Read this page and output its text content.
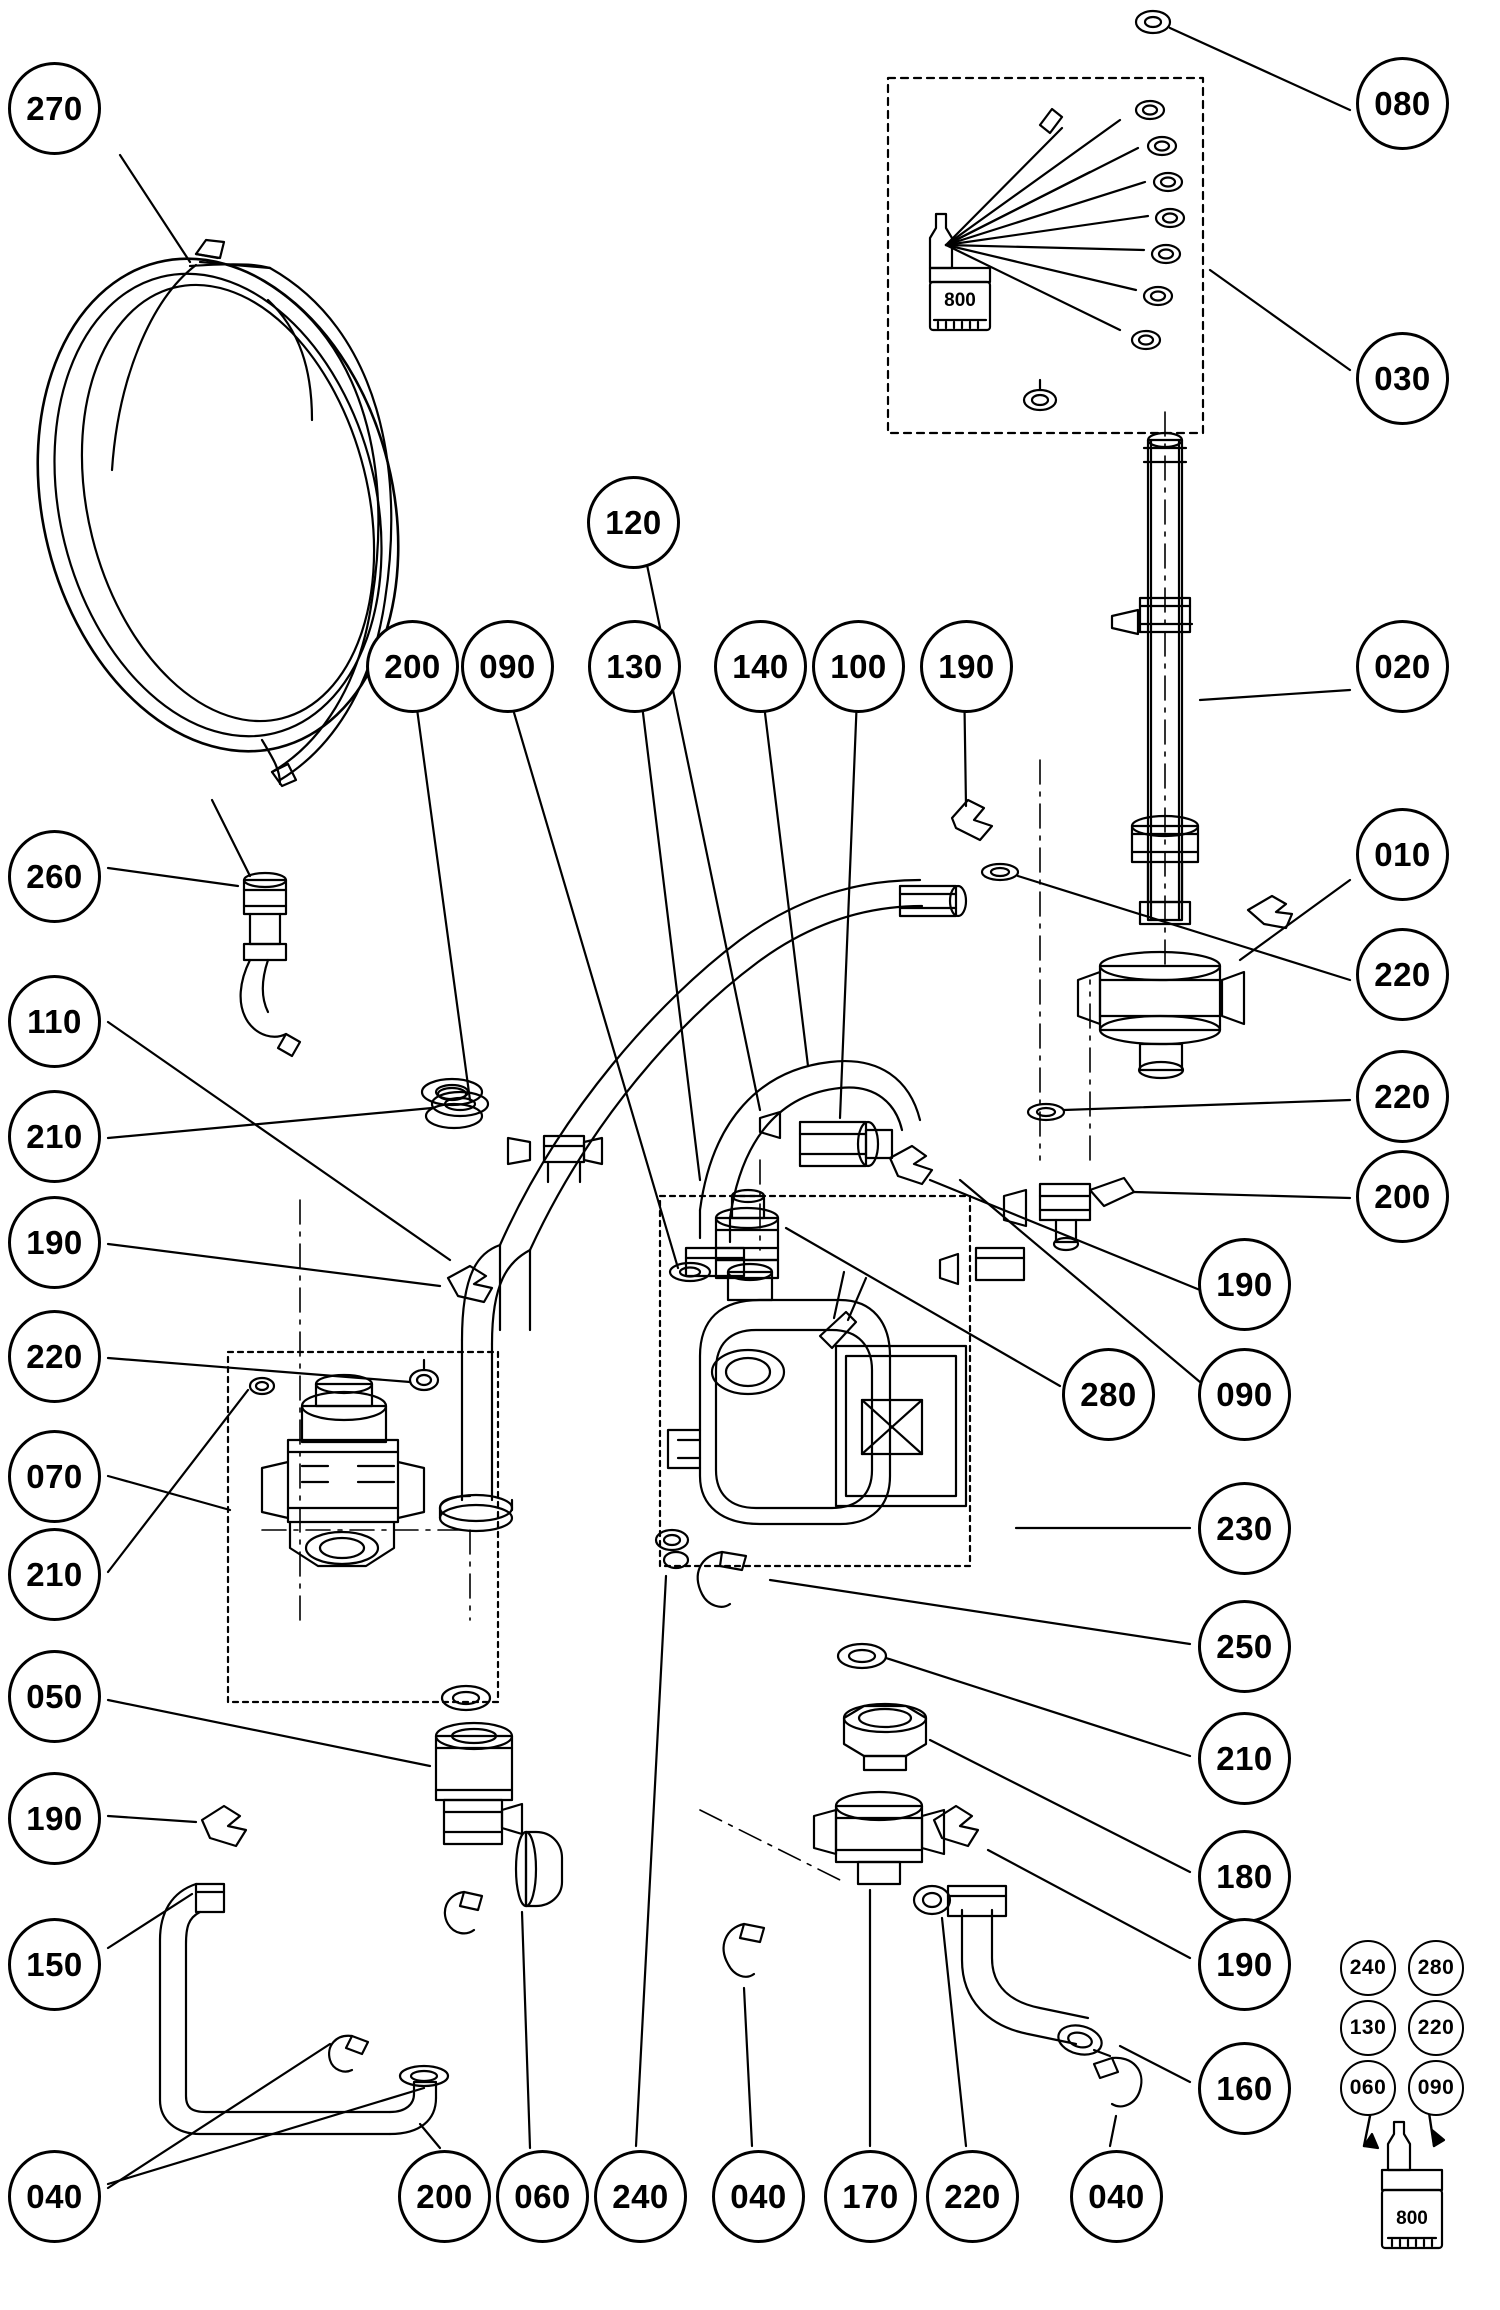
270	080
030
120
200	090	130	140	100	190	020
260
010
220
110
220
210
200
190
190
220
280	090
070
230
210
250
050
210
190
180
150	190
160
040	200	060	240	040	170	220	040
240	280
130	220
060	090
800
800
